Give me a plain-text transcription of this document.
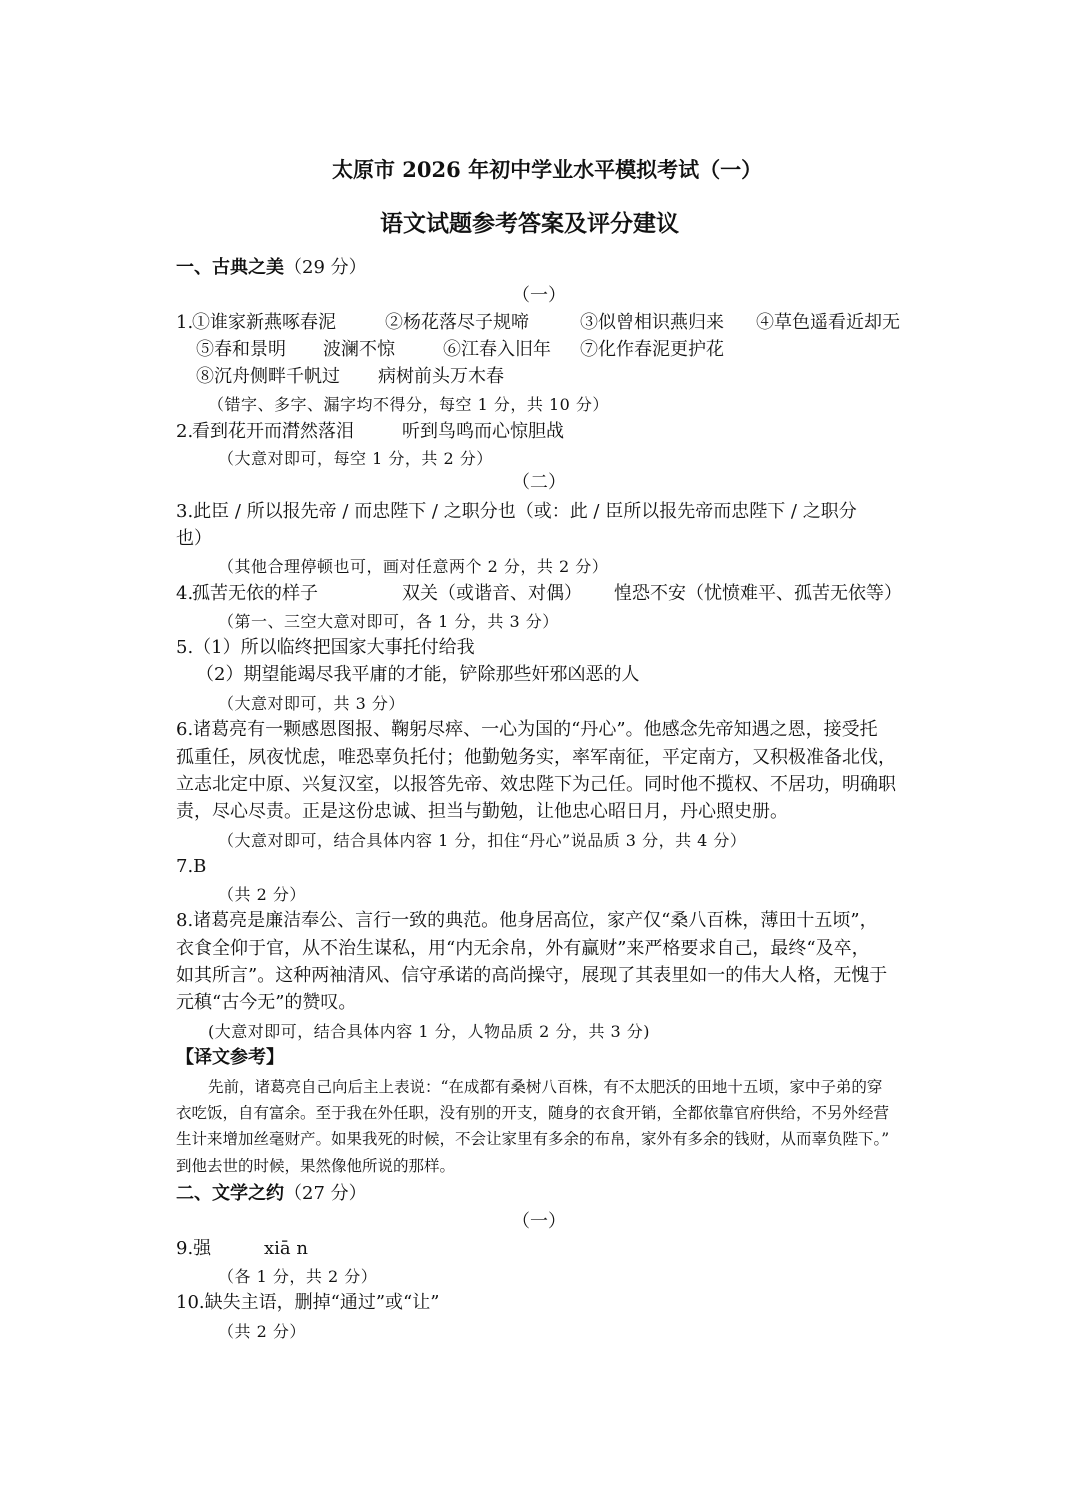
太原市 2026 年初中学业水平模拟考试（一）
语文试题参考答案及评分建议
一、古典之美（29 分）
（一）
1.
①谁家新燕啄春泥	②杨花落尽子规啼	③似曾相识燕归来 ④草色遥看近却无
⑤春和景明 波澜不惊	⑥江春入旧年 ⑦化作春泥更护花
⑧沉舟侧畔千帆过 病树前头万木春
（错字、多字、漏字均不得分，每空 1 分，共 10 分）
2.
看到花开而潸然落泪	听到鸟鸣而心惊胆战
（大意对即可，每空 1 分，共 2 分）
（二）
3.此臣 / 所以报先帝 / 而忠陛下 / 之职分也（或：此 / 臣所以报先帝而忠陛下 / 之职分
也）
（其他合理停顿也可，画对任意两个 2 分，共 2 分）
4.
孤苦无依的样子	双关（或谐音、对偶） 惶恐不安（忧愤难平、孤苦无依等）
（第一、三空大意对即可，各 1 分，共 3 分）
5.（1）所以临终把国家大事托付给我
（2）期望能竭尽我平庸的才能，铲除那些奸邪凶恶的人
（大意对即可，共 3 分）
6.诸葛亮有一颗感恩图报、鞠躬尽瘁、一心为国的“丹心”。他感念先帝知遇之恩，接受托
孤重任，夙夜忧虑，唯恐辜负托付；他勤勉务实，率军南征，平定南方，又积极准备北伐，
立志北定中原、兴复汉室，以报答先帝、效忠陛下为己任。同时他不揽权、不居功，明确职
责，尽心尽责。正是这份忠诚、担当与勤勉，让他忠心昭日月，丹心照史册。
（大意对即可，结合具体内容 1 分，扣住“丹心”说品质 3 分，共 4 分）
7.B
（共 2 分）
8.诸葛亮是廉洁奉公、言行一致的典范。他身居高位，家产仅“桑八百株，薄田十五顷”，
衣食全仰于官，从不治生谋私，用“内无余帛，外有赢财”来严格要求自己，最终“及卒，
如其所言”。这种两袖清风、信守承诺的高尚操守，展现了其表里如一的伟大人格，无愧于
元稹“古今无”的赞叹。
(大意对即可，结合具体内容 1 分，人物品质 2 分，共 3 分)
【译文参考】
先前，诸葛亮自己向后主上表说：“在成都有桑树八百株，有不太肥沃的田地十五顷，家中子弟的穿
衣吃饭，自有富余。至于我在外任职，没有别的开支，随身的衣食开销，全都依靠官府供给，不另外经营
生计来增加丝毫财产。如果我死的时候，不会让家里有多余的布帛，家外有多余的钱财，从而辜负陛下。”
到他去世的时候，果然像他所说的那样。
二、文学之约（27 分）
（一）
9.强	xiā n
（各 1 分，共 2 分）
10.缺失主语，删掉“通过”或“让”
（共 2 分）
